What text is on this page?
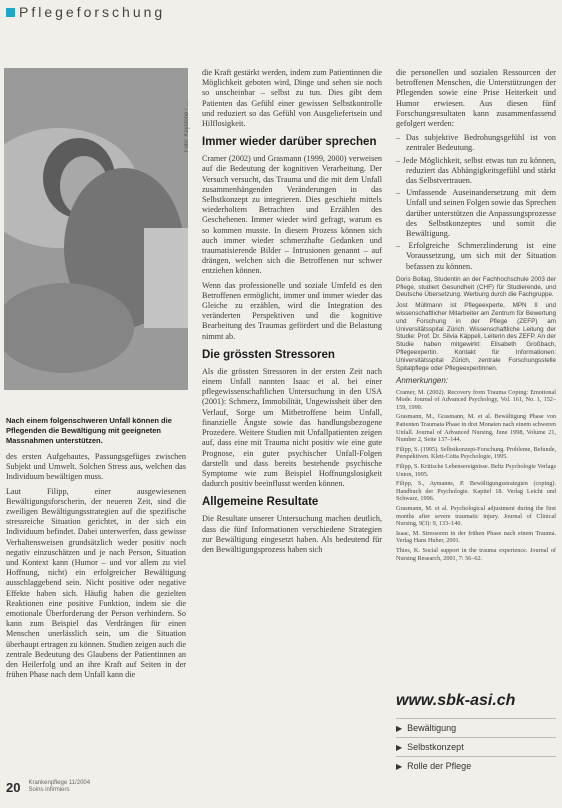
Pflegeforschung
Foto: Keystone / ...
Nach einem folgenschweren Unfall können die Pflegenden die Bewältigung mit geeigneten Massnahmen unterstützen.

des ersten Aufgebautes, Passungsgefüges zwischen Subjekt und Umwelt. Solchen Stress aus, welchen das Individuum bewältigen muss.

Laut Filipp, einer ausgewiesenen Bewältigungsforscherin, der neueren Zeit, sind die zweiligen Bewältigungsstrategien auf die spezifische stressreiche Situation gerichtet, in der sich ein Individuum befindet. Dabei unterwerfen, dass gewisse Verhaltensweisen grundsätzlich weder positiv noch negativ einzuschätzen und je nach Person, Situation und Kontext kann (Humor – und vor allem zu viel Hoffnung, nicht) ein erfolgreicher Bewältigung ausschlaggebend sein. Nicht positive oder negative Effekte haben sich. Häufig haben die gezielten Reaktionen eine positive Funktion, indem sie die emotionale Überforderung der Person verhindern. So kann zum Beispiel das Verdrängen für einen Menschen unerlässlich sein, um die Situation überhaupt ertragen zu können. Studien zeigen auch die zentrale Bedeutung des Glaubens der Patientinnen an den Heilerfolg und an ihre Kraft auf Seiten in der frühen Phase nach dem Unfall kann die

die Kraft gestärkt werden, indem zum Patientinnen die Möglichkeit geboten wird, Dinge und sehen sie noch so unscheinbar – selbst zu tun. Dies gibt dem Patienten das Gefühl einer gewissen Selbstkontrolle und reduziert so das Gefühl von Ausgeliefertsein und Hilflosigkeit.

Immer wieder darüber sprechen

Cramer (2002) und Grasmann (1999, 2000) verweisen auf die Bedeutung der kognitiven Verarbeitung. Der Versuch versucht, das Trauma und die mit dem Unfall zusammenhängenden Veränderungen in das Selbstkonzept zu integrieren. Dies geschieht mittels wiederholtem Betrachten und Erzählen des Geschehenen. Immer wieder wird gefragt, warum es so kommen musste. In diesem Prozess können sich auch immer wieder schmerzhafte Gedanken und traumatisierende Bilder – Intrusionen genannt – auf drängen, welchen sich die Betroffenen nur schwer entziehen können.

Wenn das professionelle und soziale Umfeld es den Betroffenen ermöglicht, immer und immer wieder das Gleiche zu erzählen, wird die Integration des veränderten Perspektiven und die kognitive Bearbeitung des Traumas gefördert und die Belastung nimmt ab.

Die grössten Stressoren

Als die grössten Stressoren in der ersten Zeit nach einem Unfall nannten Isaac et al. bei einer pflegewissenschaftlichen Untersuchung in den USA (2001): Schmerz, Immobilität, Ungewissheit über den Verlauf, Sorge um Mitbetroffene beim Unfall, finanzielle Ängste sowie das handlungsbezogene Prozedere. Weitere Studien mit Unfallpatienten zeigen auf, dass eine mit Trauma nicht positiv wie eine gute Prognose, ein guter psychischer Unfall-Folgen darstellt und dass bereits bestehende psychische Symptome wie zum Beispiel Hoffnungslosigkeit dadurch positiv beeinflusst werden können.

Allgemeine Resultate

Die Resultate unserer Untersuchung machen deutlich, dass die fünf Informationen verschiedene Strategien zur Bewältigung eingesetzt haben. Als bedeutend für den Bewältigungsprozess haben sich

die personellen und sozialen Ressourcen der betroffenen Menschen, die Unterstützungen der Pflegenden sowie eine Prise Heiterkeit und Humor erwiesen. Aus diesen fünf Forschungsresultaten kann zusammenfassend gefolgert werden:

– Das subjektive Bedrohungsgefühl ist von zentraler Bedeutung.
– Jede Möglichkeit, selbst etwas tun zu können, reduziert das Abhängigkeitsgefühl und stärkt das Selbstvertrauen.
– Umfassende Auseinandersetzung mit dem Unfall und seinen Folgen sowie das Sprechen darüber unterstützen die Anpassungsprozesse des Selbstkonzeptes und somit die Bewältigung.
– Erfolgreiche Schmerzlinderung ist eine Voraussetzung, um sich mit der Situation befassen zu können.

Doris Bollag, Studentin an der Fachhochschule 2003 der Pflege, studiert Gesundheit (CHF) für Studierende, und Deutsche Übersetzung. Werbung durch die Fachgruppe.

Jost Müllmann ist Pflegeexperte, MPN II und wissenschaftlicher Mitarbeiter am Zentrum für Bewertung und Forschung in der Pflege (ZEFP) am Universitätsspital Zürich. Wissenschaftliche Leitung der Studie: Prof. Dr. Silvia Käppeli, Leiterin des ZEFP. An der Studie haben mitgewirkt: Elisabeth Großbach, Pflegeexpertin. Kontakt für Informationen: Universitätsspital Zürich, zentrale Forschungsstelle Spitalpflege oder Pflegeexpertinnen.

Anmerkungen:

Cramer, M. (2002). Recovery from Trauma Coping: Emotional Mode. Journal of Advanced Psychology, Vol. 161, No. 1, 152–159, 1999.

Grasmann, M., Grasmann, M. et al. Bewältigung Phase von Patienten Traumata Phase in drei Monaten nach einem schweren Unfall. Journal of Advanced Nursing, June 1998, Volume 21, Number 2, Seite 137–144.

Filipp, S. (1995). Selbstkonzept-Forschung. Probleme, Befunde, Perspektiven. Klett-Cotta Psychologie, 1995.

Filipp, S. Kritische Lebensereignisse. Beltz Psychologie Verlags Union, 1995.

Filipp, S., Aymanns, P. Bewältigungsstrategien (coping). Handbuch der Psychologie. Kapitel 18. Verlag Leicht und Schwarz, 1996.

Grasmann, M. et al. Psychological adjustment during the first months after severe traumatic injury. Journal of Clinical Nursing, 9(3): 9, 133–140.

Isaac, M. Stressoren in der frühen Phase nach einem Trauma. Verlag Hans Huber, 2001.

Thies, K. Social support in the trauma experience. Journal of Nursing Research, 2001, 7: 56–62.

www.sbk-asi.ch
▶ Bewältigung
▶ Selbstkonzept
▶ Rolle der Pflege
20 Krankenpflege 11/2004
Soins infirmiers
